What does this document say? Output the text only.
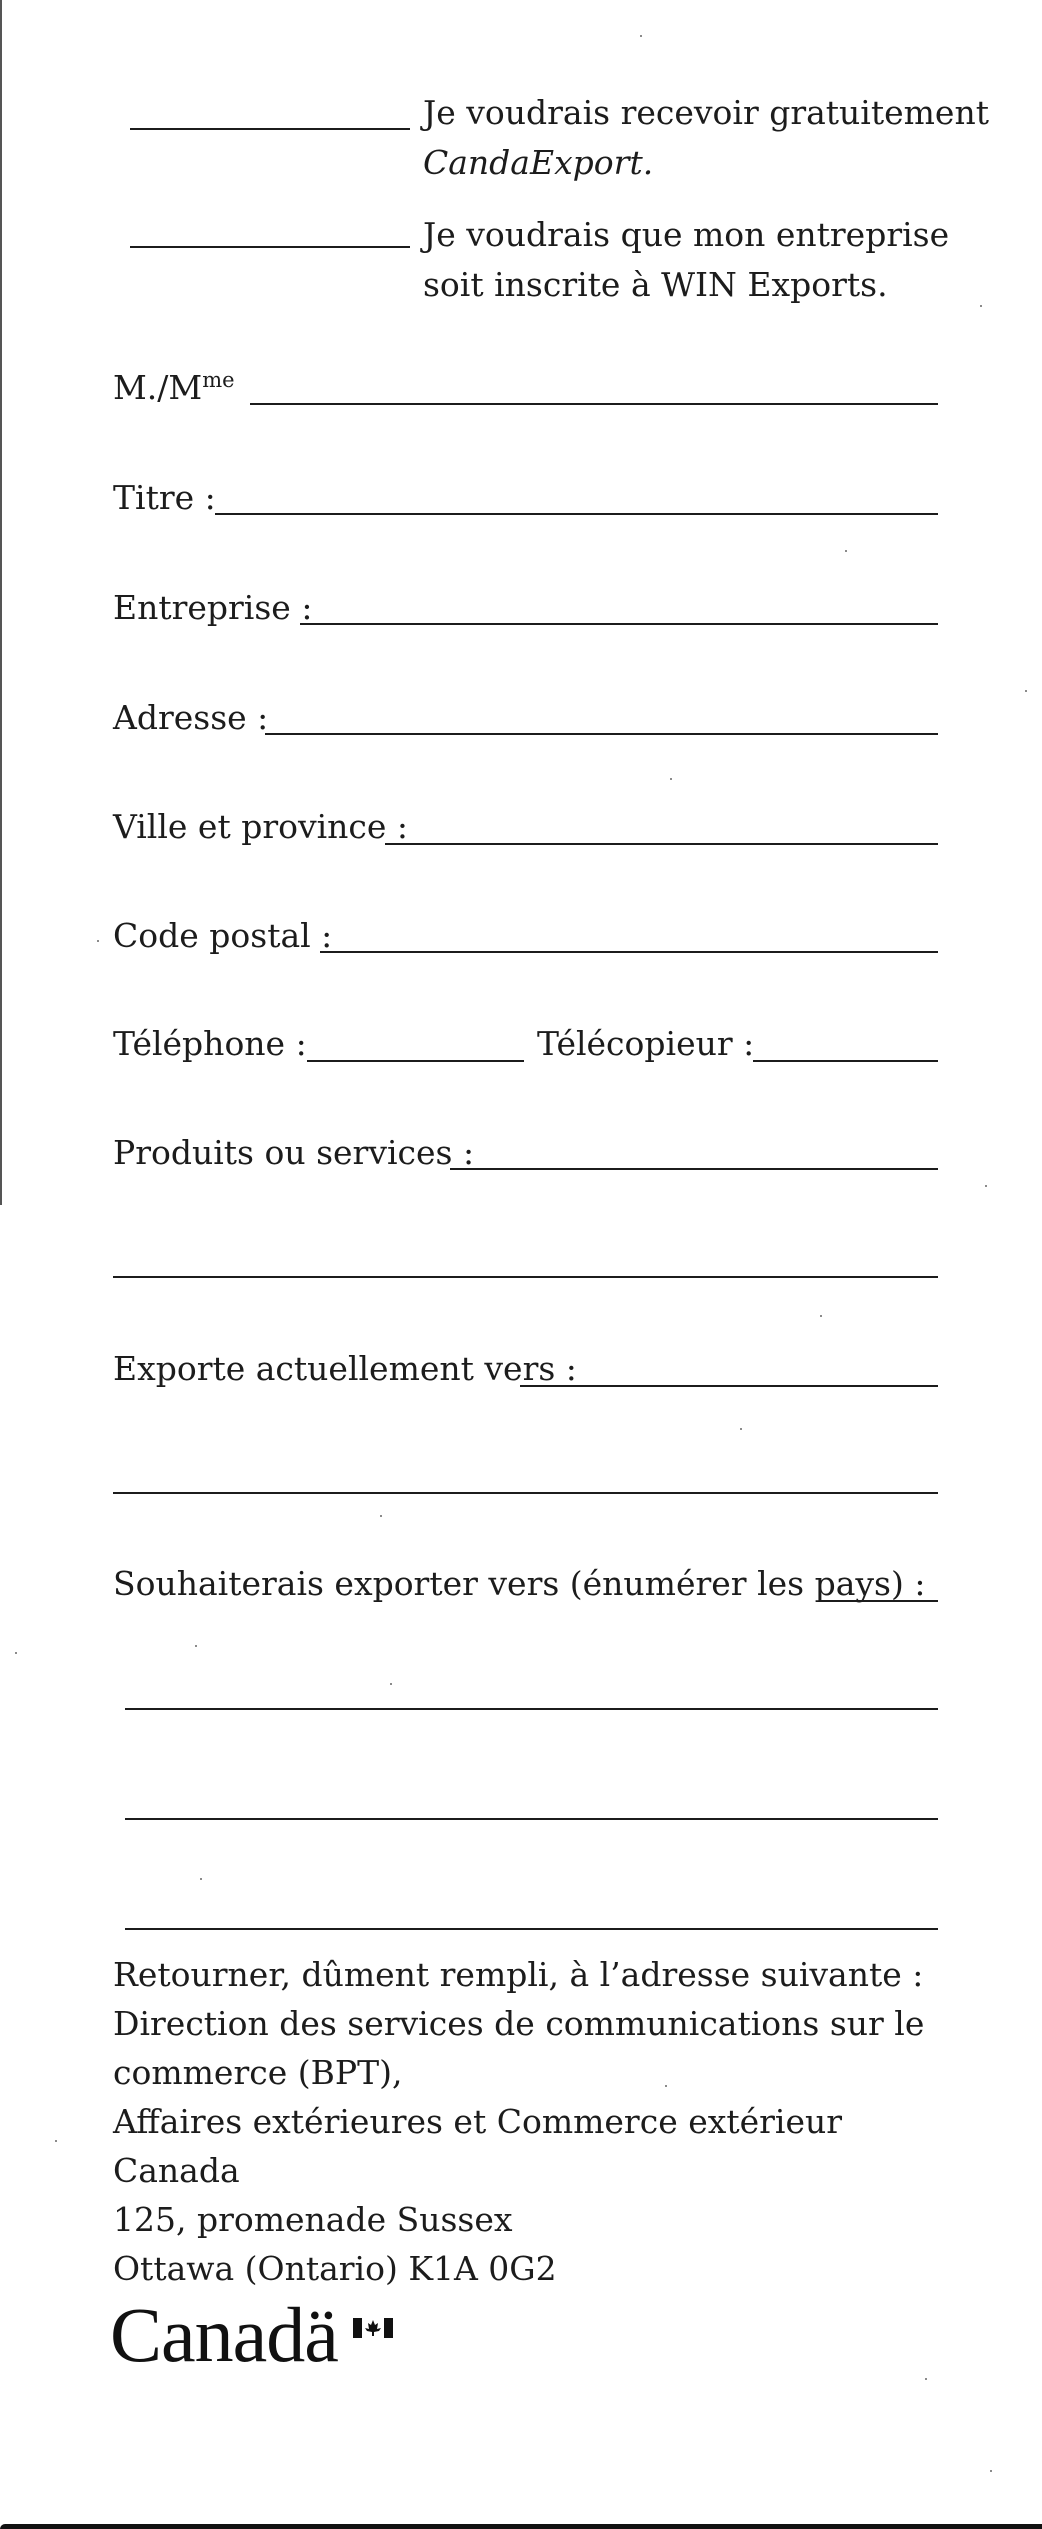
Je voudrais recevoir gratuitement
CandaExport.
Je voudrais que mon entreprise
soit inscrite à WIN Exports.
$M./M^{me}$
Titre :
Entreprise :
Adresse :
Ville et province :
Code postal :
Téléphone :	Télécopieur :
Produits ou services :
Exporte actuellement vers :
Souhaiterais exporter vers (énumérer les pays) :
Retourner, dûment rempli, à l’adresse suivante :
Direction des services de communications sur le
commerce (BPT),
Affaires extérieures et Commerce extérieur Canada
125, promenade Sussex
Ottawa (Ontario) K1A 0G2
Canadä
